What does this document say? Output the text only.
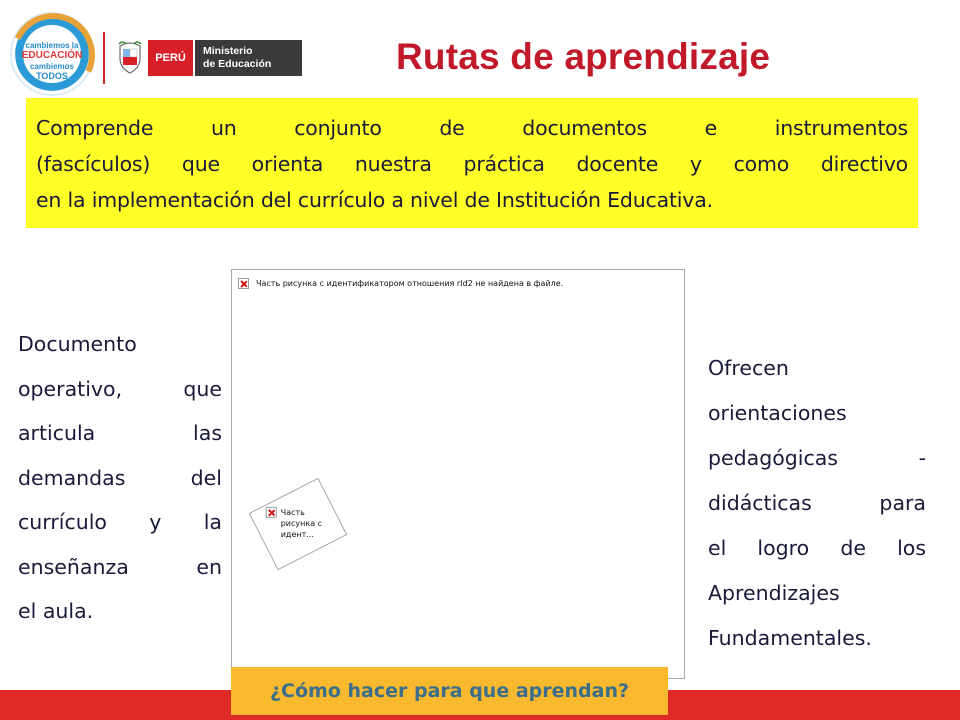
cambiemos la
EDUCACIÓN
cambiemos
TODOS
PERÚ
Ministerio
de Educación	Rutas de aprendizaje

Comprende un conjunto de documentos e instrumentos

(fascículos) que orienta nuestra práctica docente y como directivo

en la implementación del currículo a nivel de Institución Educativa.

Documento
operativo, que
articula las
demandas del
currículo y la
enseñanza en
el aula.
Часть рисунка с идентификатором отношения rId2 не найдена в файле.
Часть рисунка с идент...
Ofrecen
orientaciones
pedagógicas -
didácticas para
el logro de los
Aprendizajes
Fundamentales.
¿Cómo hacer para que aprendan?
